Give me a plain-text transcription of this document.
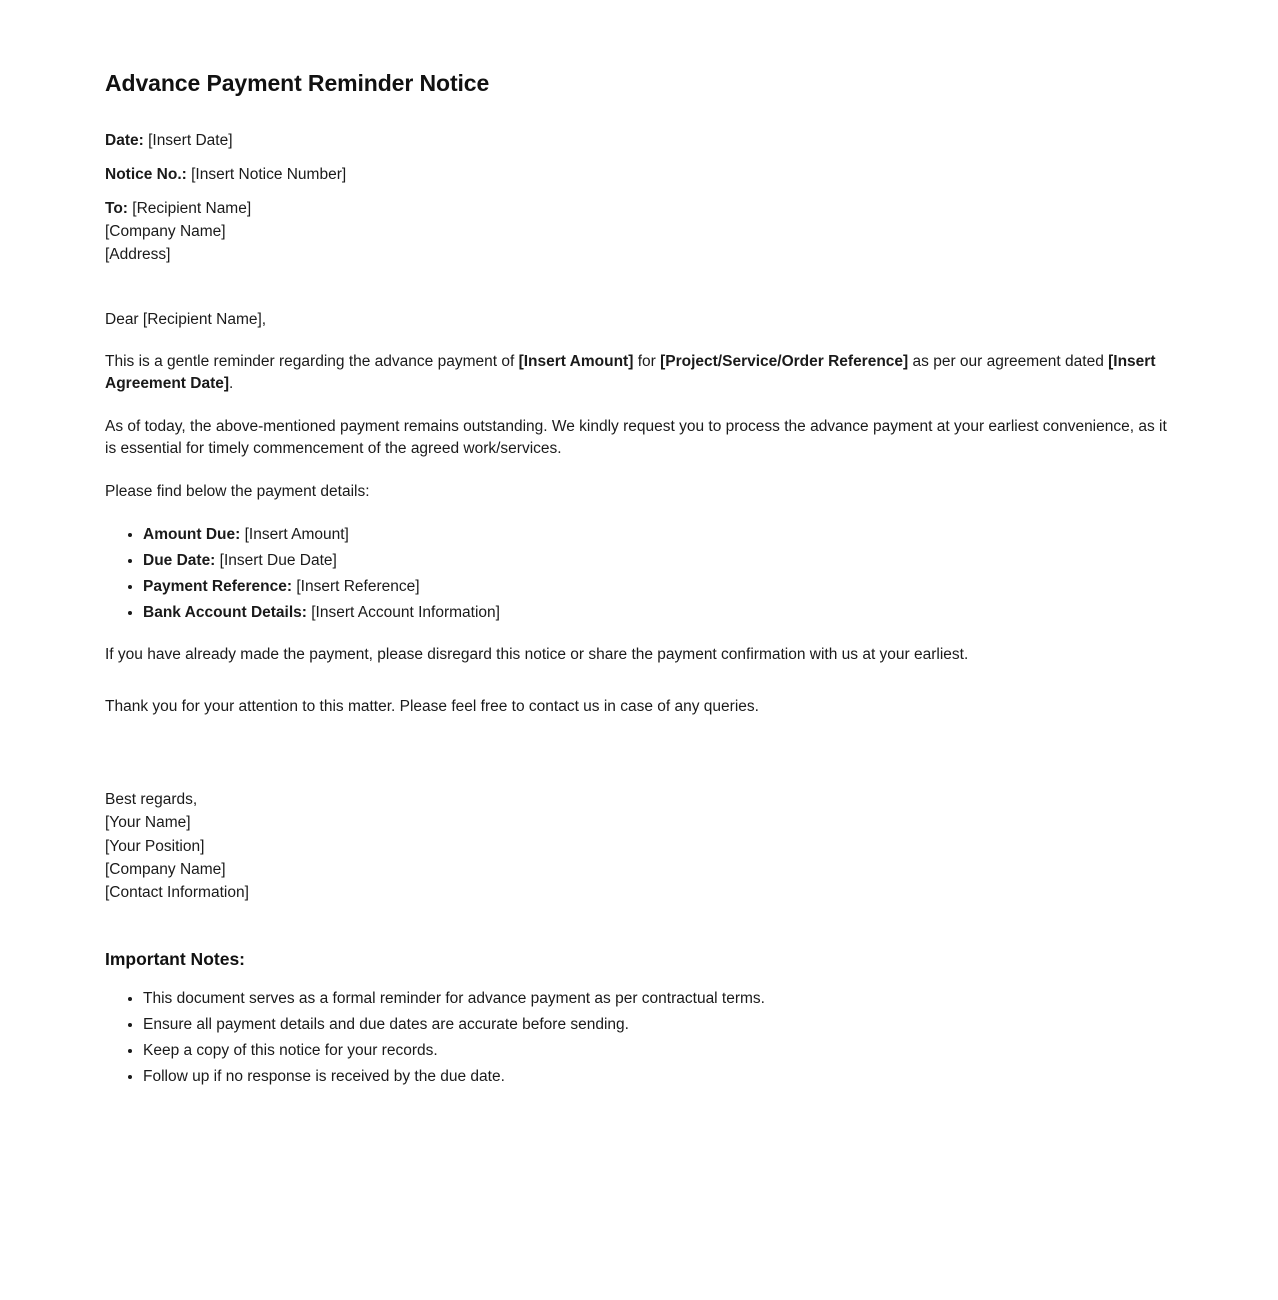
Advance Payment Reminder Notice

Date: [Insert Date]

Notice No.: [Insert Notice Number]

To: [Recipient Name]
[Company Name]
[Address]

Dear [Recipient Name],

This is a gentle reminder regarding the advance payment of [Insert Amount] for [Project/Service/Order Reference] as per our agreement dated [Insert Agreement Date].

As of today, the above-mentioned payment remains outstanding. We kindly request you to process the advance payment at your earliest convenience, as it is essential for timely commencement of the agreed work/services.

Please find below the payment details:

• Amount Due: [Insert Amount]
• Due Date: [Insert Due Date]
• Payment Reference: [Insert Reference]
• Bank Account Details: [Insert Account Information]

If you have already made the payment, please disregard this notice or share the payment confirmation with us at your earliest.

Thank you for your attention to this matter. Please feel free to contact us in case of any queries.

Best regards,
[Your Name]
[Your Position]
[Company Name]
[Contact Information]
Important Notes:
• This document serves as a formal reminder for advance payment as per contractual terms.
• Ensure all payment details and due dates are accurate before sending.
• Keep a copy of this notice for your records.
• Follow up if no response is received by the due date.
